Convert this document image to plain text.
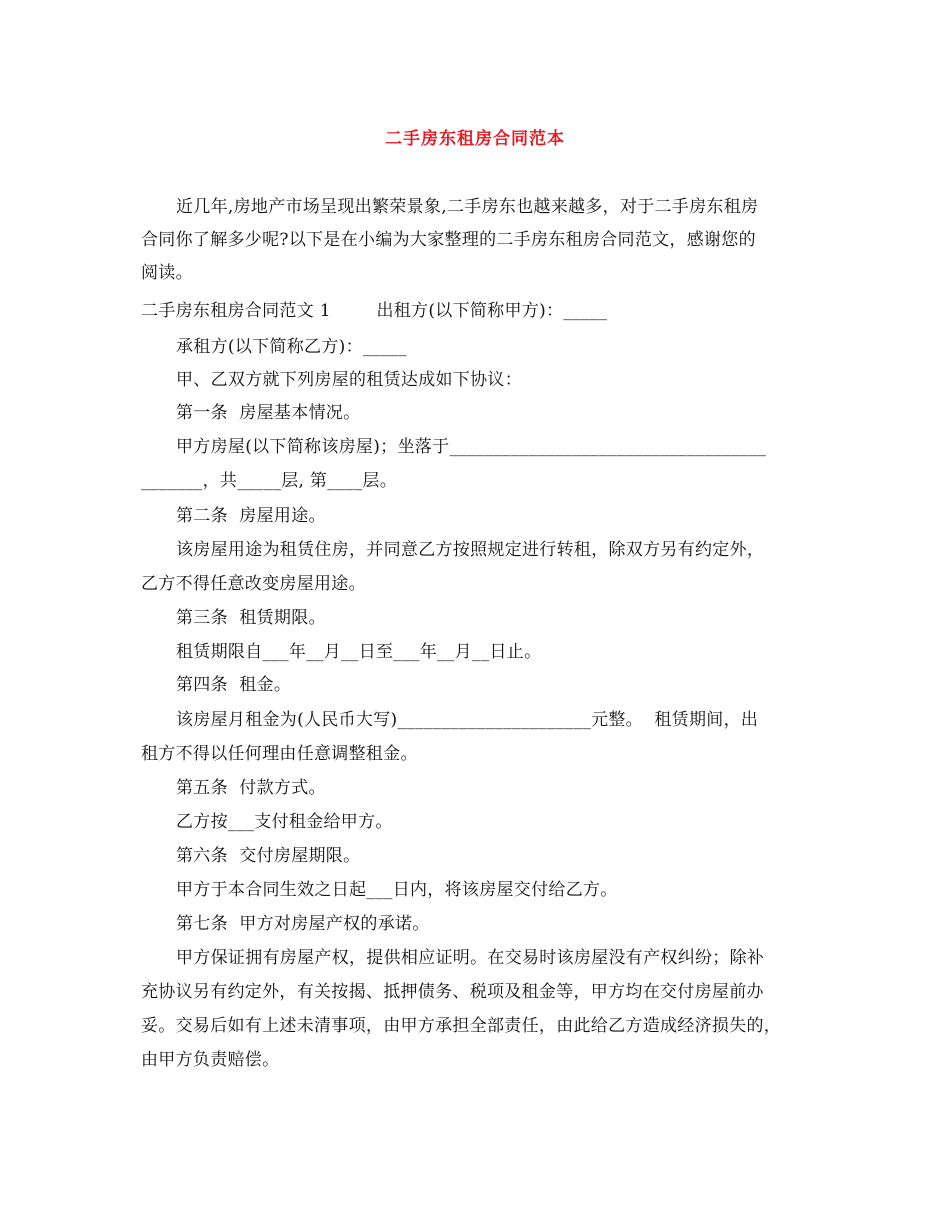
二手房东租房合同范本
近几年,房地产市场呈现出繁荣景象,二手房东也越来越多，对于二手房东租房
合同你了解多少呢?以下是在小编为大家整理的二手房东租房合同范文，感谢您的
阅读。
二手房东租房合同范文 1        出租方(以下简称甲方)：_____
承租方(以下简称乙方)：_____
甲、乙双方就下列房屋的租赁达成如下协议：
第一条  房屋基本情况。
甲方房屋(以下简称该房屋)；坐落于____________________________________
_______，共_____层, 第____层。
第二条  房屋用途。
该房屋用途为租赁住房，并同意乙方按照规定进行转租，除双方另有约定外，
乙方不得任意改变房屋用途。
第三条  租赁期限。
租赁期限自___年__月__日至___年__月__日止。
第四条  租金。
该房屋月租金为(人民币大写)______________________元整。  租赁期间，出
租方不得以任何理由任意调整租金。
第五条  付款方式。
乙方按___支付租金给甲方。
第六条  交付房屋期限。
甲方于本合同生效之日起___日内，将该房屋交付给乙方。
第七条  甲方对房屋产权的承诺。
甲方保证拥有房屋产权，提供相应证明。在交易时该房屋没有产权纠纷；除补
充协议另有约定外，有关按揭、抵押债务、税项及租金等，甲方均在交付房屋前办
妥。交易后如有上述未清事项，由甲方承担全部责任，由此给乙方造成经济损失的，
由甲方负责赔偿。
